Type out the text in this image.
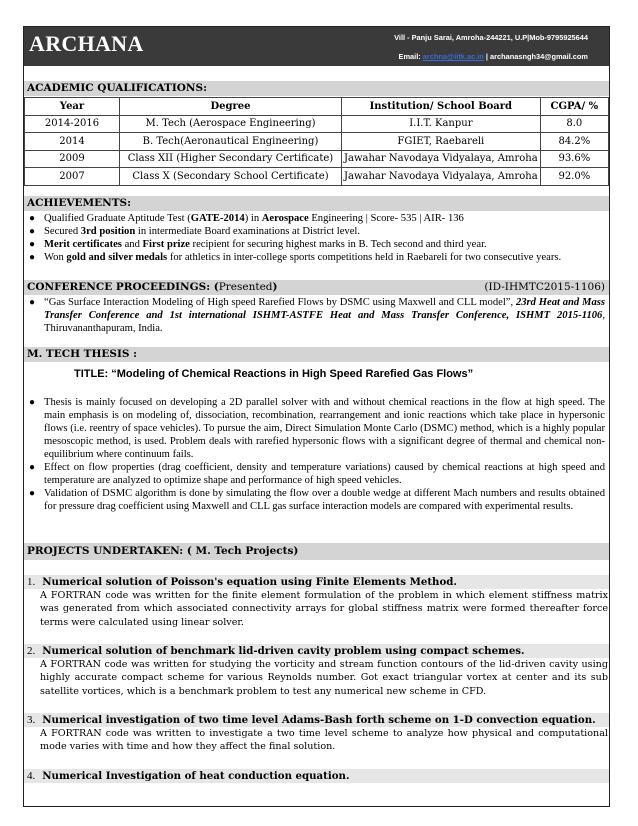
ARCHANA	Vill - Panju Sarai, Amroha-244221, U.P|Mob-9795925644
Email: archna@iitk.ac.in | archanasngh34@gmail.com
ACADEMIC QUALIFICATIONS:
Year	Degree	Institution/ School Board	CGPA/ %
2014-2016	M. Tech (Aerospace Engineering)	I.I.T. Kanpur	8.0
2014	B. Tech(Aeronautical Engineering)	FGIET, Raebareli	84.2%
2009	Class XII (Higher Secondary Certificate)	Jawahar Navodaya Vidyalaya, Amroha	93.6%
2007	Class X (Secondary School Certificate)	Jawahar Navodaya Vidyalaya, Amroha	92.0%
ACHIEVEMENTS:
● Qualified Graduate Aptitude Test (GATE-2014) in Aerospace Engineering | Score- 535 | AIR- 136
● Secured 3rd position in intermediate Board examinations at District level.
● Merit certificates and First prize recipient for securing highest marks in B. Tech second and third year.
● Won gold and silver medals for athletics in inter-college sports competitions held in Raebareli for two consecutive years.
CONFERENCE PROCEEDINGS: (Presented)	(ID-IHMTC2015-1106)
● “Gas Surface Interaction Modeling of High speed Rarefied Flows by DSMC using Maxwell and CLL model”, 23rd Heat and Mass Transfer Conference and 1st international ISHMT-ASTFE Heat and Mass Transfer Conference, ISHMT 2015-1106, Thiruvananthapuram, India.
M. TECH THESIS :
TITLE: “Modeling of Chemical Reactions in High Speed Rarefied Gas Flows”
● Thesis is mainly focused on developing a 2D parallel solver with and without chemical reactions in the flow at high speed. The main emphasis is on modeling of, dissociation, recombination, rearrangement and ionic reactions which take place in hypersonic flows (i.e. reentry of space vehicles). To pursue the aim, Direct Simulation Monte Carlo (DSMC) method, which is a highly popular mesoscopic method, is used. Problem deals with rarefied hypersonic flows with a significant degree of thermal and chemical non-equilibrium where continuum fails.
● Effect on flow properties (drag coefficient, density and temperature variations) caused by chemical reactions at high speed and temperature are analyzed to optimize shape and performance of high speed vehicles.
● Validation of DSMC algorithm is done by simulating the flow over a double wedge at different Mach numbers and results obtained for pressure drag coefficient using Maxwell and CLL gas surface interaction models are compared with experimental results.
PROJECTS UNDERTAKEN: ( M. Tech Projects)
1. Numerical solution of Poisson's equation using Finite Elements Method.
A FORTRAN code was written for the finite element formulation of the problem in which element stiffness matrix was generated from which associated connectivity arrays for global stiffness matrix were formed thereafter force terms were calculated using linear solver.
2. Numerical solution of benchmark lid-driven cavity problem using compact schemes.
A FORTRAN code was written for studying the vorticity and stream function contours of the lid-driven cavity using highly accurate compact scheme for various Reynolds number. Got exact triangular vortex at center and its sub satellite vortices, which is a benchmark problem to test any numerical new scheme in CFD.
3. Numerical investigation of two time level Adams-Bash forth scheme on 1-D convection equation.
A FORTRAN code was written to investigate a two time level scheme to analyze how physical and computational mode varies with time and how they affect the final solution.
4. Numerical Investigation of heat conduction equation.
